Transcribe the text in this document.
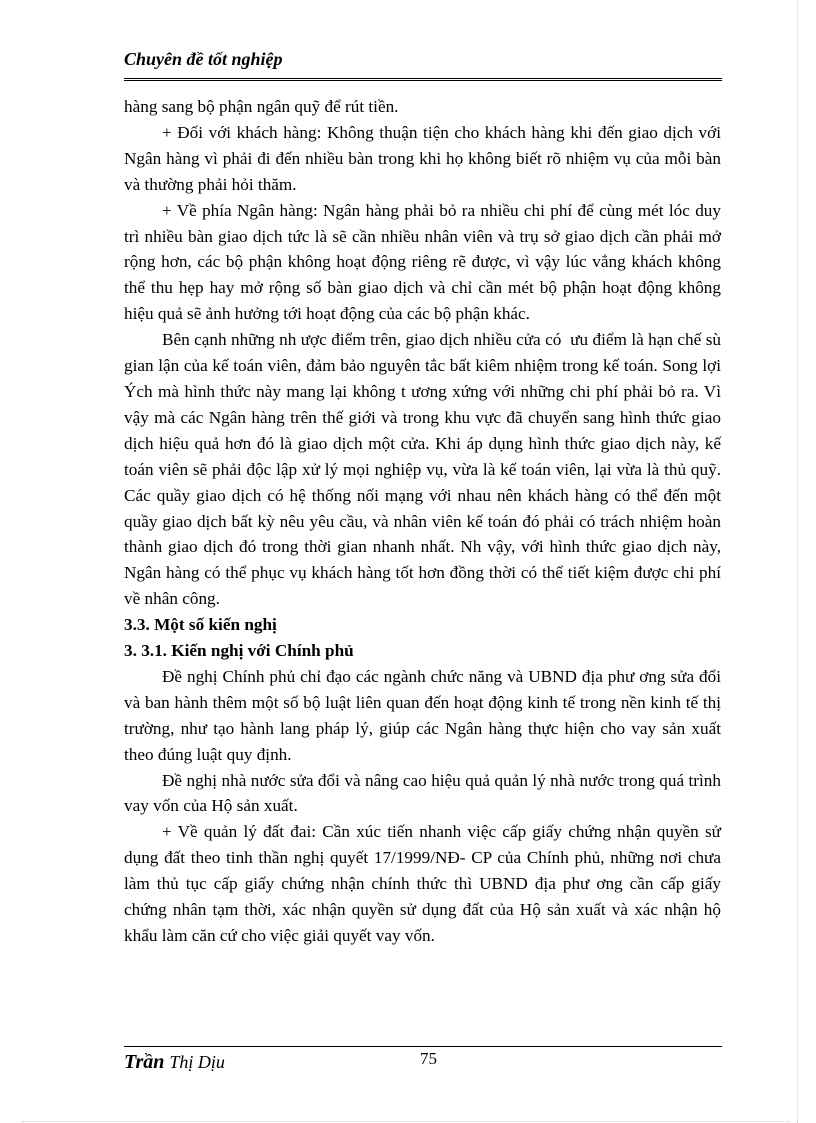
Chuyên đề tốt nghiệp

hàng sang bộ phận ngân quỹ để rút tiền.

+ Đối với khách hàng: Không thuận tiện cho khách hàng khi đến giao dịch với Ngân hàng vì phải đi đến nhiều bàn trong khi họ không biết rõ nhiệm vụ của mỗi bàn và thường phải hỏi thăm.

+ Về phía Ngân hàng: Ngân hàng phải bỏ ra nhiều chi phí để cùng mét lóc duy trì nhiều bàn giao dịch tức là sẽ cần nhiều nhân viên và trụ sở giao dịch cần phải mở rộng hơn, các bộ phận không hoạt động riêng rẽ được, vì vậy lúc vắng khách không thể thu hẹp hay mở rộng số bàn giao dịch và chỉ cần mét bộ phận hoạt động không hiệu quả sẽ ảnh hưởng tới hoạt động của các bộ phận khác.

Bên cạnh những nh ược điểm trên, giao dịch nhiều cửa có ưu điểm là hạn chế sù gian lận của kế toán viên, đảm bảo nguyên tắc bất kiêm nhiệm trong kế toán. Song lợi Ých mà hình thức này mang lại không t ương xứng với những chi phí phải bỏ ra. Vì vậy mà các Ngân hàng trên thế giới và trong khu vực đã chuyển sang hình thức giao dịch hiệu quả hơn đó là giao dịch một cửa. Khi áp dụng hình thức giao dịch này, kế toán viên sẽ phải độc lập xử lý mọi nghiệp vụ, vừa là kế toán viên, lại vừa là thủ quỹ. Các quầy giao dịch có hệ thống nối mạng với nhau nên khách hàng có thể đến một quầy giao dịch bất kỳ nêu yêu cầu, và nhân viên kế toán đó phải có trách nhiệm hoàn thành giao dịch đó trong thời gian nhanh nhất. Nh vậy, với hình thức giao dịch này, Ngân hàng có thể phục vụ khách hàng tốt hơn đồng thời có thể tiết kiệm được chi phí về nhân công.

3.3. Một số kiến nghị

3. 3.1. Kiến nghị với Chính phủ

Đề nghị Chính phủ chỉ đạo các ngành chức năng và UBND địa phư ơng sửa đổi và ban hành thêm một số bộ luật liên quan đến hoạt động kinh tế trong nền kinh tế thị trường, như tạo hành lang pháp lý, giúp các Ngân hàng thực hiện cho vay sản xuất theo đúng luật quy định.

Đề nghị nhà nước sửa đổi và nâng cao hiệu quả quản lý nhà nước trong quá trình vay vốn của Hộ sản xuất.

+ Về quản lý đất đai: Cần xúc tiến nhanh việc cấp giấy chứng nhận quyền sử dụng đất theo tinh thần nghị quyết 17/1999/NĐ- CP của Chính phủ, những nơi chưa làm thủ tục cấp giấy chứng nhận chính thức thì UBND địa phư ơng cần cấp giấy chứng nhân tạm thời, xác nhận quyền sử dụng đất của Hộ sản xuất và xác nhận hộ khẩu làm căn cứ cho việc giải quyết vay vốn.

Trần Thị Dịu	75
